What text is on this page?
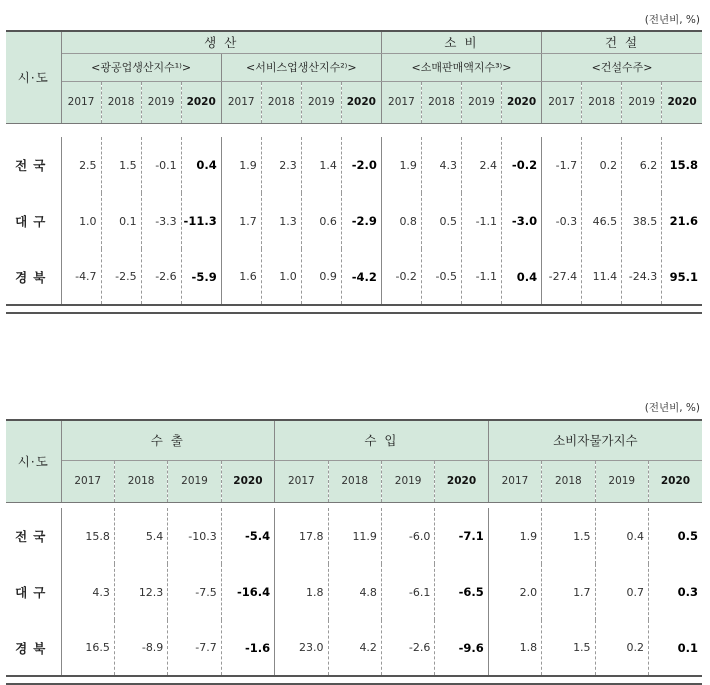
(전년비, %)
시·도	생 산								소 비				건 설			
	<광공업생산지수¹⁾>				<서비스업생산지수²⁾>				<소매판매액지수³⁾>				<건설수주>			
	2017	2018	2019	2020	2017	2018	2019	2020	2017	2018	2019	2020	2017	2018	2019	2020

전국	2.5	1.5	-0.1	0.4	1.9	2.3	1.4	-2.0	1.9	4.3	2.4	-0.2	-1.7	0.2	6.2	15.8
대구	1.0	0.1	-3.3	-11.3	1.7	1.3	0.6	-2.9	0.8	0.5	-1.1	-3.0	-0.3	46.5	38.5	21.6
경북	-4.7	-2.5	-2.6	-5.9	1.6	1.0	0.9	-4.2	-0.2	-0.5	-1.1	0.4	-27.4	11.4	-24.3	95.1

(전년비, %)
시·도	수 출				수 입				소비자물가지수			
	2017	2018	2019	2020	2017	2018	2019	2020	2017	2018	2019	2020

전국	15.8	5.4	-10.3	-5.4	17.8	11.9	-6.0	-7.1	1.9	1.5	0.4	0.5
대구	4.3	12.3	-7.5	-16.4	1.8	4.8	-6.1	-6.5	2.0	1.7	0.7	0.3
경북	16.5	-8.9	-7.7	-1.6	23.0	4.2	-2.6	-9.6	1.8	1.5	0.2	0.1
